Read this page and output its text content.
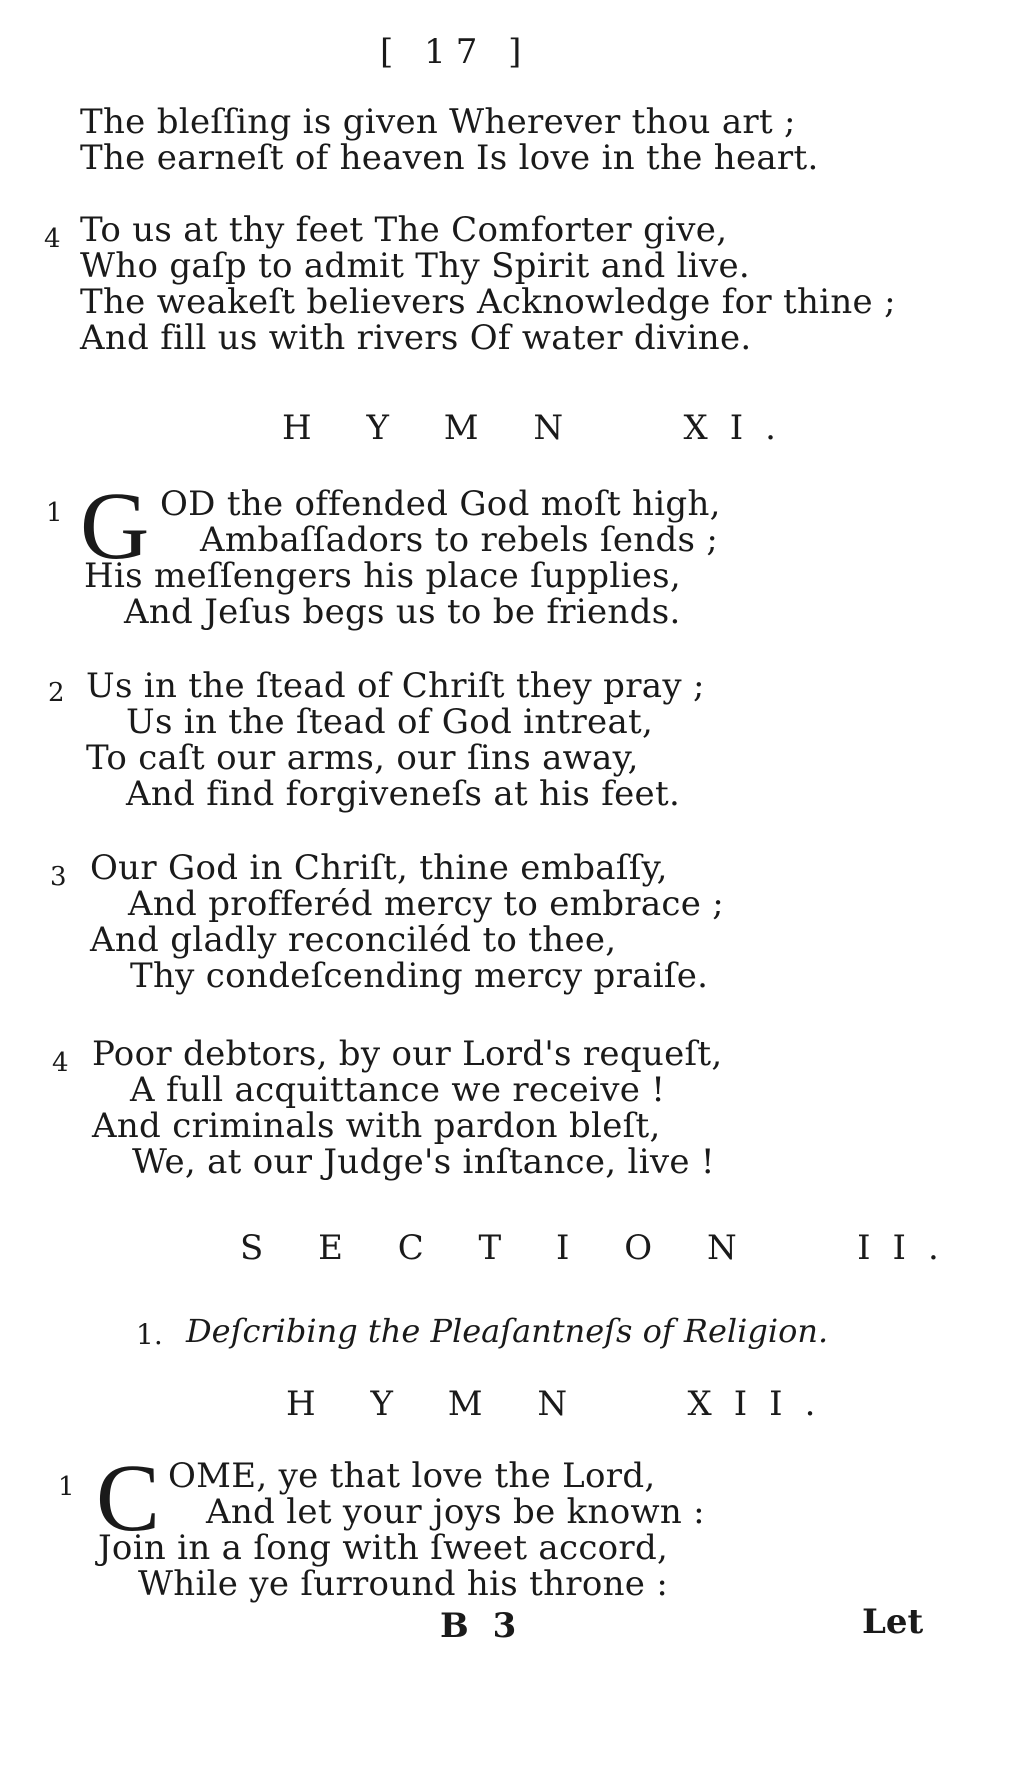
[ 17 ]
The bleſſing is given Wherever thou art ;
The earneſt of heaven Is love in the heart.
4 To us at thy feet The Comforter give,
Who gaſp to admit Thy Spirit and live.
The weakeſt believers Acknowledge for thine ;
And fill us with rivers Of water divine.
H Y M N   XI.
1 G OD the offended God moſt high,
Ambaſſadors to rebels ſends ;
His meſſengers his place ſupplies,
And Jeſus begs us to be friends.
2 Us in the ſtead of Chriſt they pray ;
Us in the ſtead of God intreat,
To caſt our arms, our ſins away,
And find forgiveneſs at his feet.
3 Our God in Chriſt, thine embaſſy,
And profferéd mercy to embrace ;
And gladly reconciléd to thee,
Thy condeſcending mercy praiſe.
4 Poor debtors, by our Lord's requeſt,
A full acquittance we receive !
And criminals with pardon bleſt,
We, at our Judge's inſtance, live !
S E C T I O N   II.
1. Deſcribing the Pleaſantneſs of Religion.
H Y M N   XII.
1 C OME, ye that love the Lord,
And let your joys be known :
Join in a ſong with ſweet accord,
While ye ſurround his throne :
B 3	Let
